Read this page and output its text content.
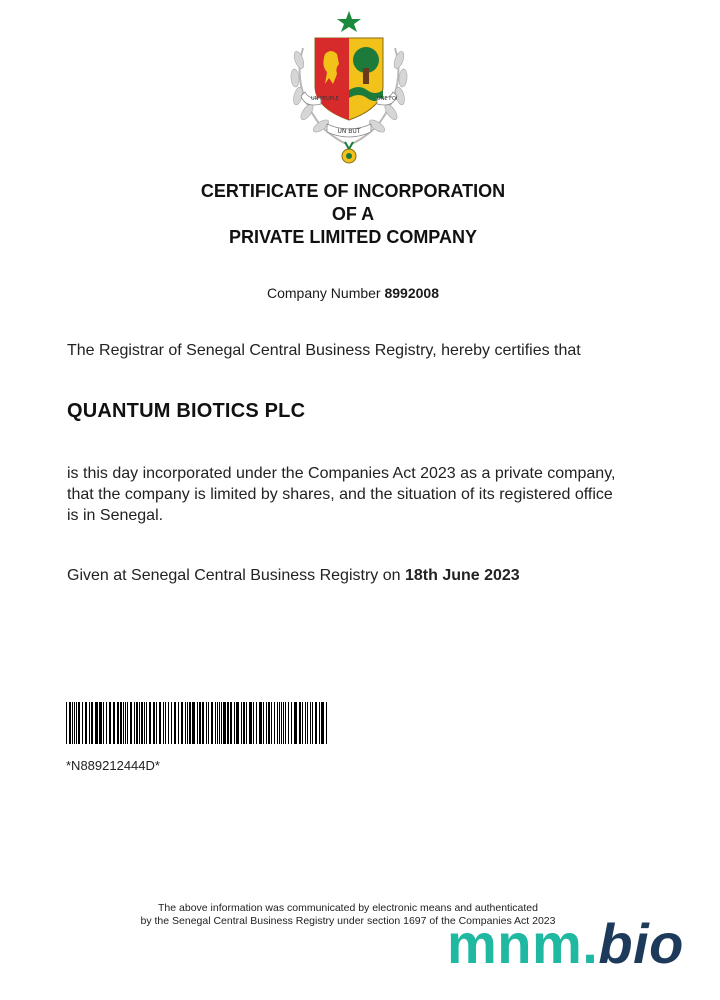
UN PEUPLE	UNE FOI
UN BUT
CERTIFICATE OF INCORPORATION
OF A
PRIVATE LIMITED COMPANY
Company Number 8992008
The Registrar of Senegal Central Business Registry, hereby certifies that
QUANTUM BIOTICS PLC
is this day incorporated under the Companies Act 2023 as a private company, that the company is limited by shares, and the situation of its registered office is in Senegal.
Given at Senegal Central Business Registry on 18th June 2023
*N889212444D*
The above information was communicated by electronic means and authenticated
by the Senegal Central Business Registry under section 1697 of the Companies Act 2023
mnm.bio
